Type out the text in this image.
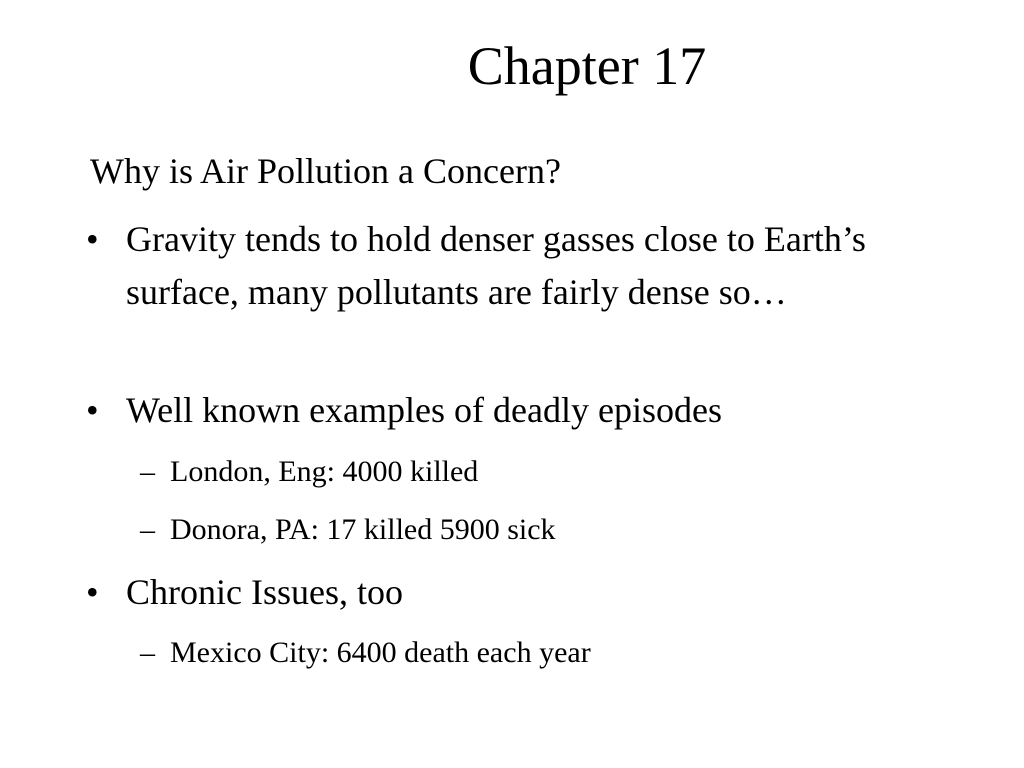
Chapter 17
Why is Air Pollution a Concern?
• Gravity tends to hold denser gasses close to Earth’s surface, many pollutants are fairly dense so…
• Well known examples of deadly episodes
– London, Eng: 4000 killed
– Donora, PA: 17 killed 5900 sick
• Chronic Issues, too
– Mexico City: 6400 death each year
